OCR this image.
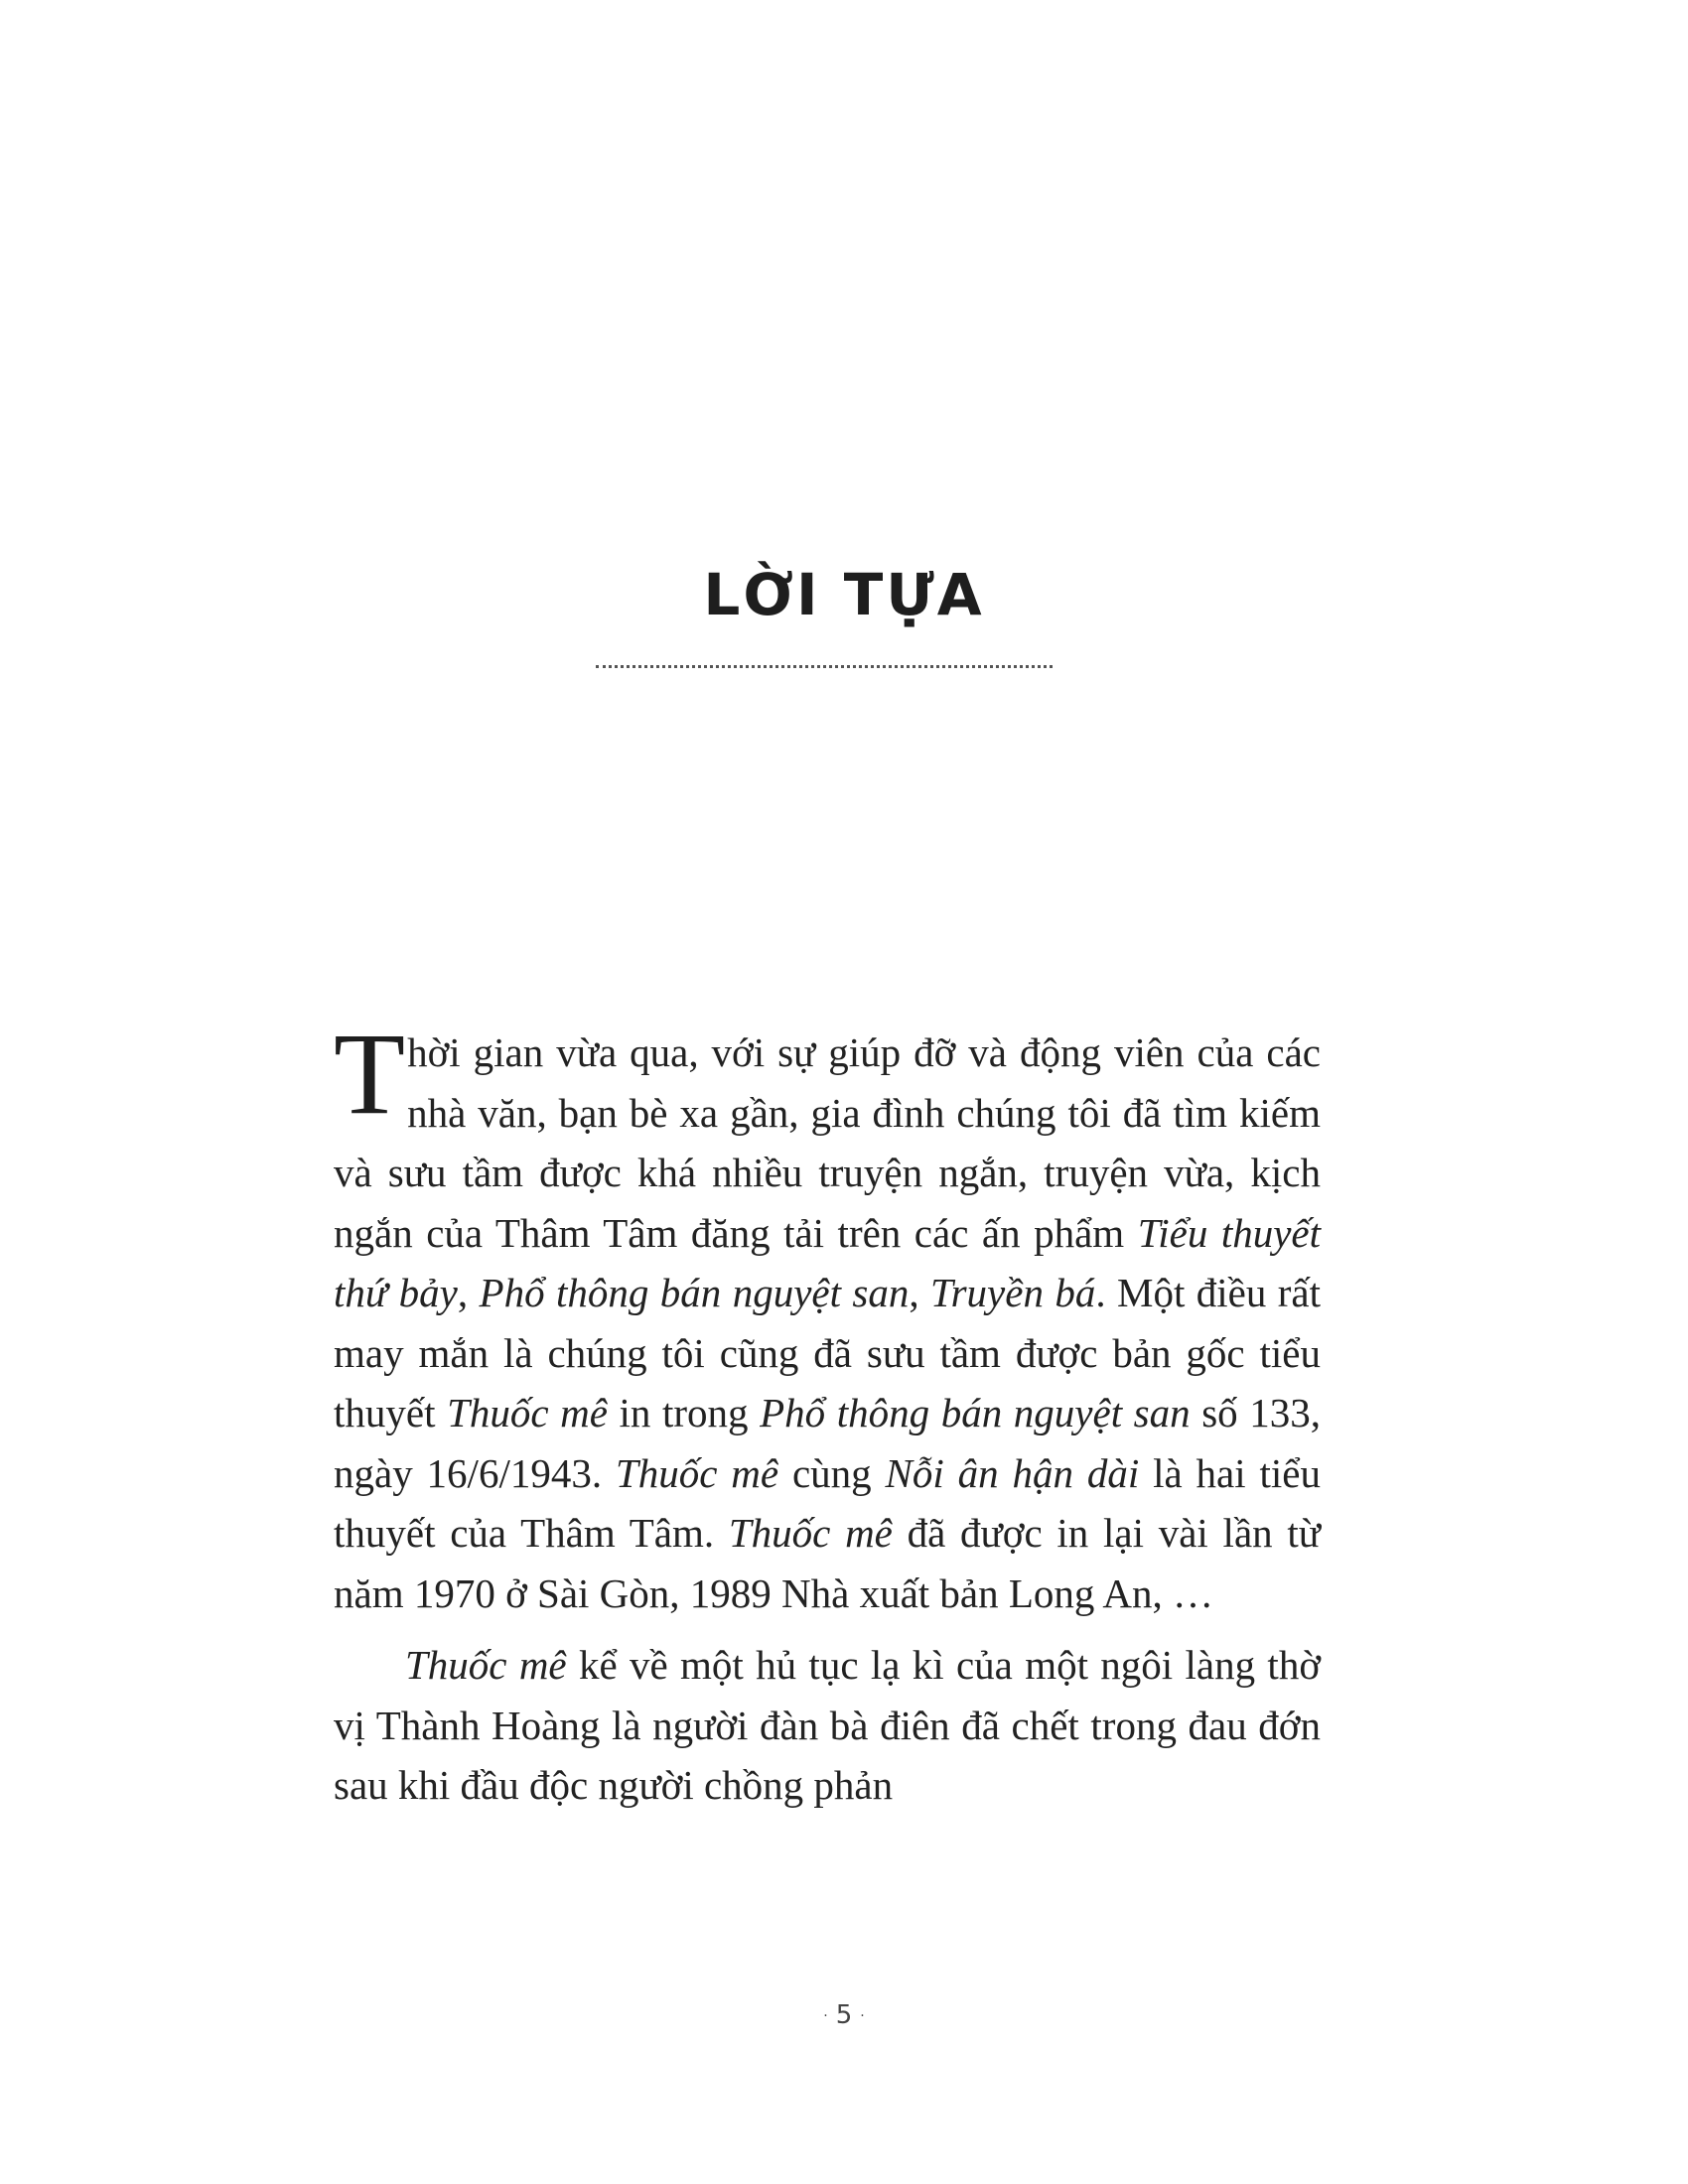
LỜI TỰA

Thời gian vừa qua, với sự giúp đỡ và động viên của các nhà văn, bạn bè xa gần, gia đình chúng tôi đã tìm kiếm và sưu tầm được khá nhiều truyện ngắn, truyện vừa, kịch ngắn của Thâm Tâm đăng tải trên các ấn phẩm Tiểu thuyết thứ bảy, Phổ thông bán nguyệt san, Truyền bá. Một điều rất may mắn là chúng tôi cũng đã sưu tầm được bản gốc tiểu thuyết Thuốc mê in trong Phổ thông bán nguyệt san số 133, ngày 16/6/1943. Thuốc mê cùng Nỗi ân hận dài là hai tiểu thuyết của Thâm Tâm. Thuốc mê đã được in lại vài lần từ năm 1970 ở Sài Gòn, 1989 Nhà xuất bản Long An, …

Thuốc mê kể về một hủ tục lạ kì của một ngôi làng thờ vị Thành Hoàng là người đàn bà điên đã chết trong đau đớn sau khi đầu độc người chồng phản

· 5 ·
